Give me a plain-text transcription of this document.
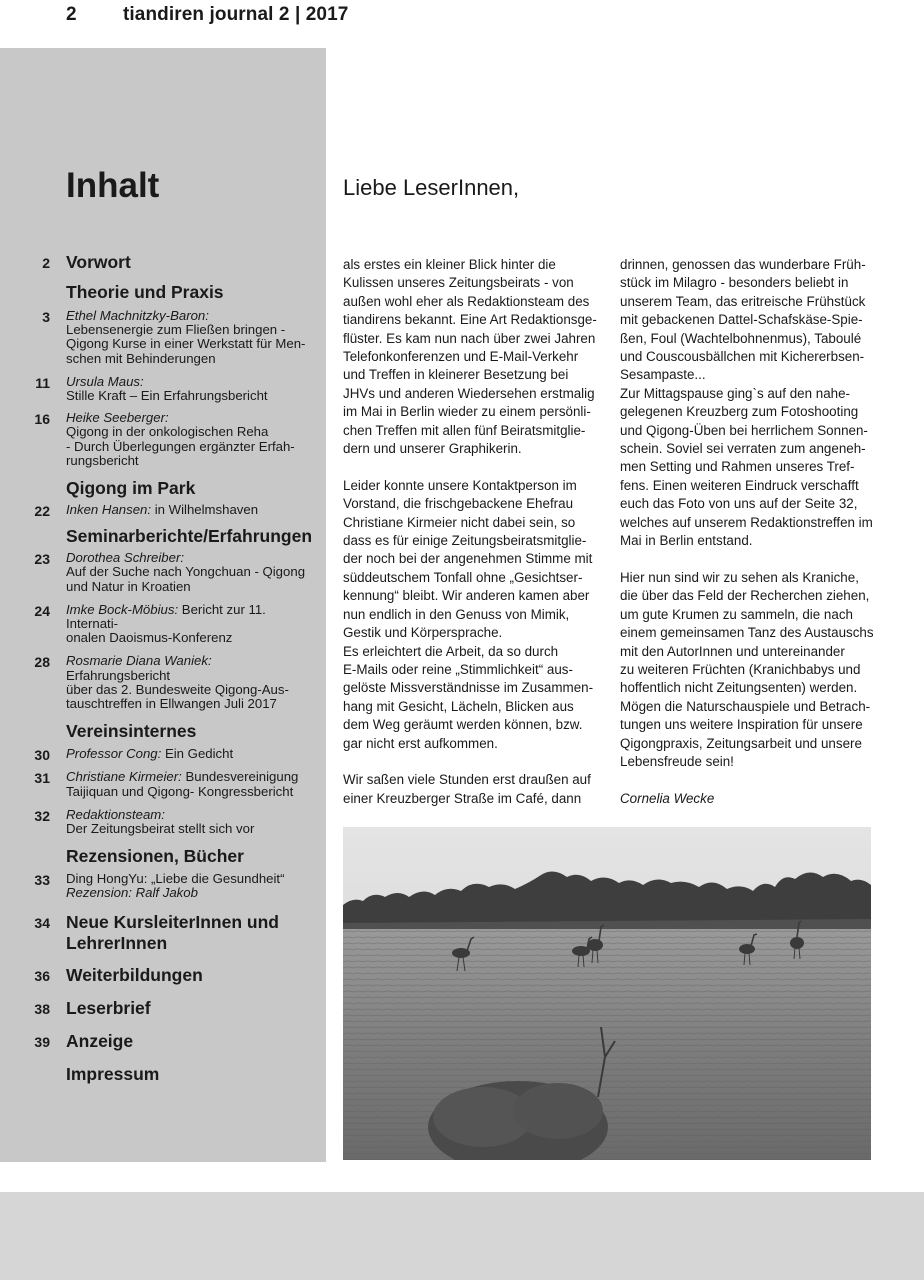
2 tiandiren journal 2 | 2017
Inhalt
2 Vorwort
Theorie und Praxis
3 Ethel Machnitzky-Baron:
Lebensenergie zum Fließen bringen -
Qigong Kurse in einer Werkstatt für Men-
schen mit Behinderungen
11 Ursula Maus:
Stille Kraft – Ein Erfahrungsbericht
16 Heike Seeberger:
Qigong in der onkologischen Reha
- Durch Überlegungen ergänzter Erfah-
rungsbericht
Qigong im Park
22 Inken Hansen: in Wilhelmshaven
Seminarberichte/Erfahrungen
23 Dorothea Schreiber:
Auf der Suche nach Yongchuan - Qigong
und Natur in Kroatien
24 Imke Bock-Möbius: Bericht zur 11. Internati-
onalen Daoismus-Konferenz
28 Rosmarie Diana Waniek: Erfahrungsbericht
über das 2. Bundesweite Qigong-Aus-
tauschtreffen in Ellwangen Juli 2017
Vereinsinternes
30 Professor Cong: Ein Gedicht
31 Christiane Kirmeier: Bundesvereinigung
Taijiquan und Qigong- Kongressbericht
32 Redaktionsteam:
Der Zeitungsbeirat stellt sich vor
Rezensionen, Bücher
33 Ding HongYu: „Liebe die Gesundheit“
Rezension: Ralf Jakob
34 Neue KursleiterInnen und
LehrerInnen
36 Weiterbildungen
38 Leserbrief
39 Anzeige
Impressum
Liebe LeserInnen,

als erstes ein kleiner Blick hinter die
Kulissen unseres Zeitungsbeirats - von
außen wohl eher als Redaktionsteam des
tiandirens bekannt. Eine Art Redaktionsge-
flüster. Es kam nun nach über zwei Jahren
Telefonkonferenzen und E-Mail-Verkehr
und Treffen in kleinerer Besetzung bei
JHVs und anderen Wiedersehen erstmalig
im Mai in Berlin wieder zu einem persönli-
chen Treffen mit allen fünf Beiratsmitglie-
dern und unserer Graphikerin.

Leider konnte unsere Kontaktperson im
Vorstand, die frischgebackene Ehefrau
Christiane Kirmeier nicht dabei sein, so
dass es für einige Zeitungsbeiratsmitglie-
der noch bei der angenehmen Stimme mit
süddeutschem Tonfall ohne „Gesichtser-
kennung“ bleibt. Wir anderen kamen aber
nun endlich in den Genuss von Mimik,
Gestik und Körpersprache.

Es erleichtert die Arbeit, da so durch
E-Mails oder reine „Stimmlichkeit“ aus-
gelöste Missverständnisse im Zusammen-
hang mit Gesicht, Lächeln, Blicken aus
dem Weg geräumt werden können, bzw.
gar nicht erst aufkommen.

Wir saßen viele Stunden erst draußen auf
einer Kreuzberger Straße im Café, dann

drinnen, genossen das wunderbare Früh-
stück im Milagro - besonders beliebt in
unserem Team, das eritreische Frühstück
mit gebackenen Dattel-Schafskäse-Spie-
ßen, Foul (Wachtelbohnenmus), Taboulé
und Couscousbällchen mit Kichererbsen-
Sesampaste...

Zur Mittagspause ging`s auf den nahe-
gelegenen Kreuzberg zum Fotoshooting
und Qigong-Üben bei herrlichem Sonnen-
schein. Soviel sei verraten zum angeneh-
men Setting und Rahmen unseres Tref-
fens. Einen weiteren Eindruck verschafft
euch das Foto von uns auf der Seite 32,
welches auf unserem Redaktionstreffen im
Mai in Berlin entstand.

Hier nun sind wir zu sehen als Kraniche,
die über das Feld der Recherchen ziehen,
um gute Krumen zu sammeln, die nach
einem gemeinsamen Tanz des Austauschs
mit den AutorInnen und untereinander
zu weiteren Früchten (Kranichbabys und
hoffentlich nicht Zeitungsenten) werden.
Mögen die Naturschauspiele und Betrach-
tungen uns weitere Inspiration für unsere
Qigongpraxis, Zeitungsarbeit und unsere
Lebensfreude sein!

Cornelia Wecke
